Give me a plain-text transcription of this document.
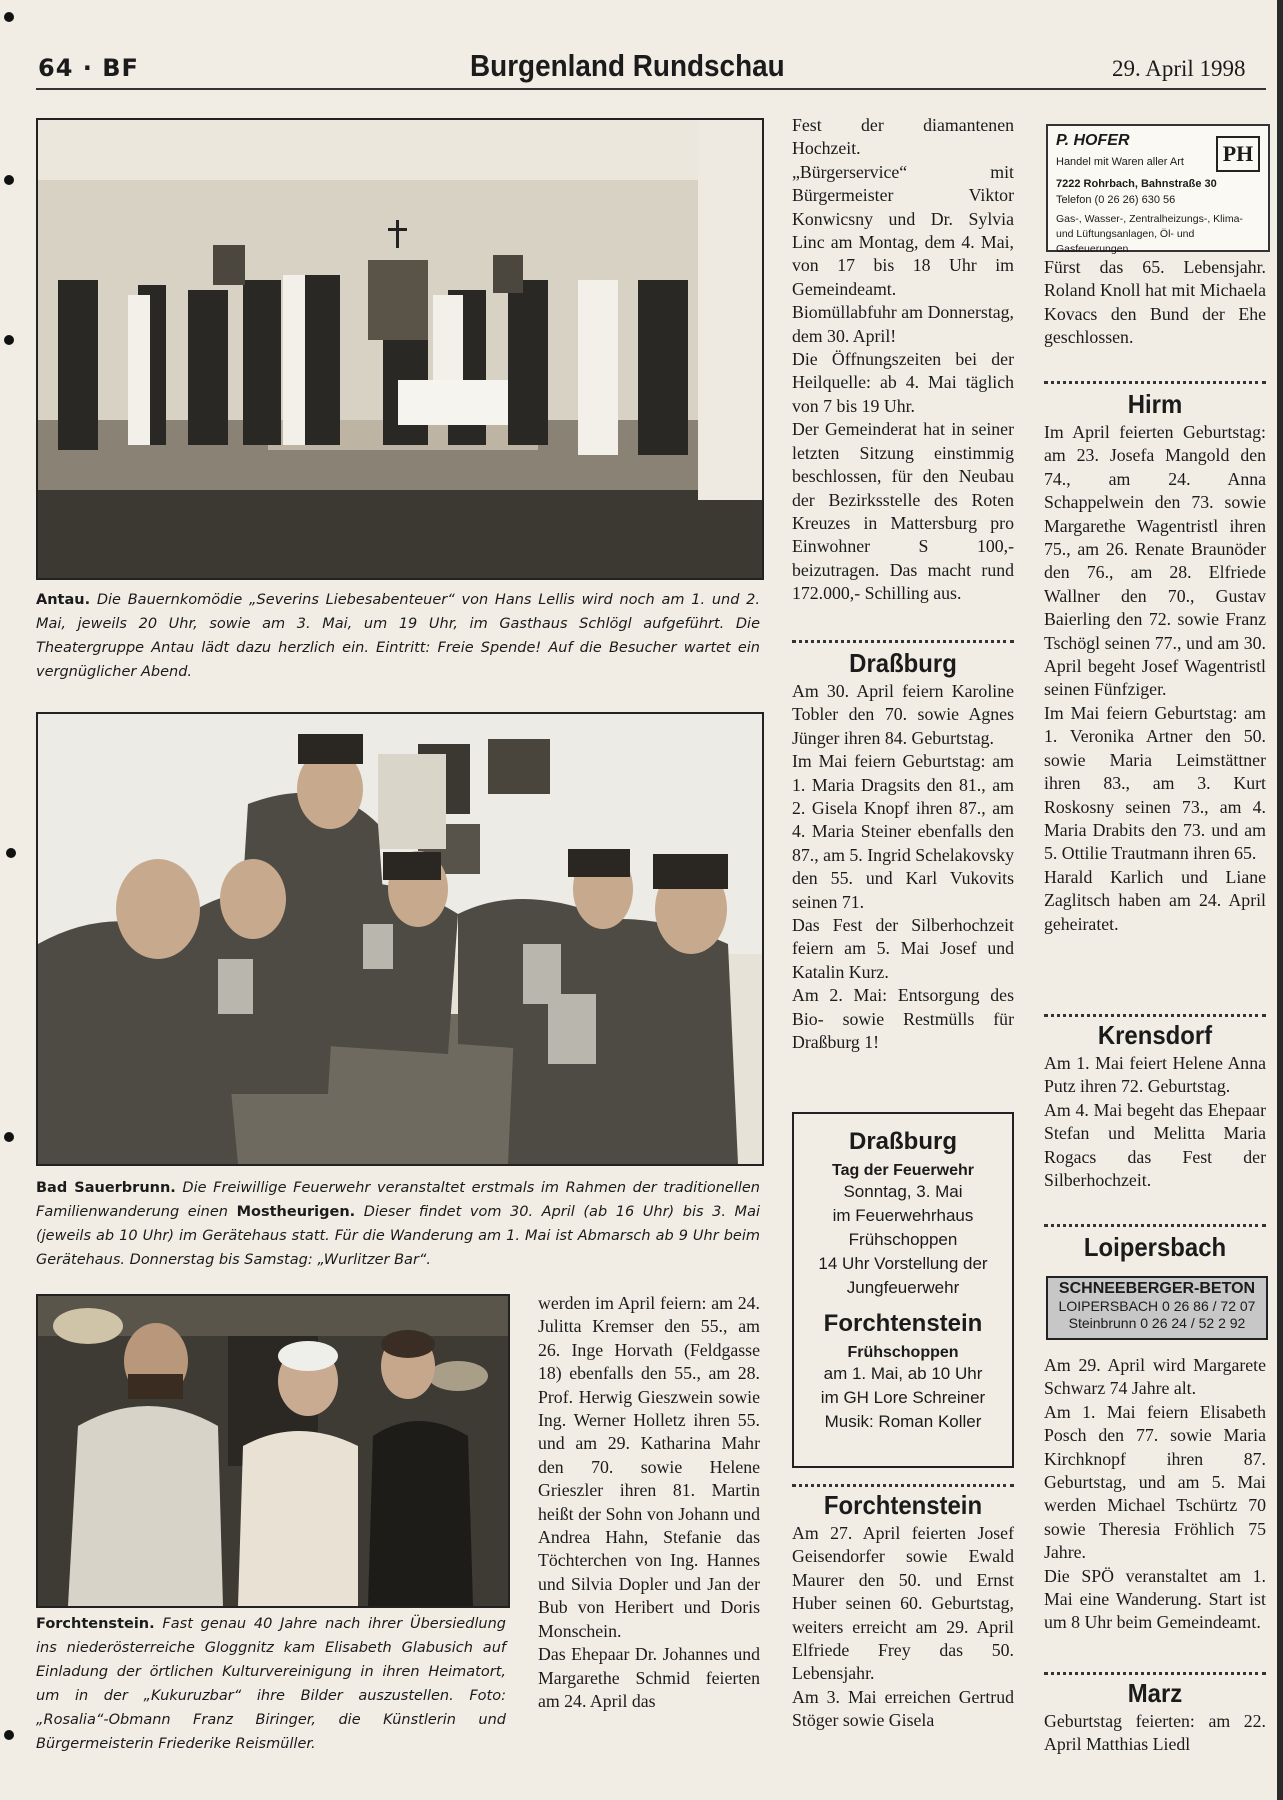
64 · BF	Burgenland Rundschau	29. April 1998
Antau. Die Bauernkomödie „Severins Liebesabenteuer“ von Hans Lellis wird noch am 1. und 2. Mai, jeweils 20 Uhr, sowie am 3. Mai, um 19 Uhr, im Gasthaus Schlögl aufgeführt. Die Theatergruppe Antau lädt dazu herzlich ein. Eintritt: Freie Spende! Auf die Besucher wartet ein vergnüglicher Abend.
Bad Sauerbrunn. Die Freiwillige Feuerwehr veranstaltet erstmals im Rahmen der traditionellen Familienwanderung einen Mostheurigen. Dieser findet vom 30. April (ab 16 Uhr) bis 3. Mai (jeweils ab 10 Uhr) im Gerätehaus statt. Für die Wanderung am 1. Mai ist Abmarsch ab 9 Uhr beim Gerätehaus. Donnerstag bis Samstag: „Wurlitzer Bar“.
Forchtenstein. Fast genau 40 Jahre nach ihrer Übersiedlung ins niederösterreiche Gloggnitz kam Elisabeth Glabusich auf Einladung der örtlichen Kulturvereinigung in ihren Heimatort, um in der „Kukuruzbar“ ihre Bilder auszustellen. Foto: „Rosalia“-Obmann Franz Biringer, die Künstlerin und Bürgermeisterin Friederike Reismüller.
werden im April feiern: am 24. Julitta Kremser den 55., am 26. Inge Horvath (Feldgasse 18) ebenfalls den 55., am 28. Prof. Herwig Gieszwein sowie Ing. Werner Holletz ihren 55. und am 29. Katharina Mahr den 70. sowie Helene Grieszler ihren 81. Martin heißt der Sohn von Johann und Andrea Hahn, Stefanie das Töchterchen von Ing. Hannes und Silvia Dopler und Jan der Bub von Heribert und Doris Monschein.
Das Ehepaar Dr. Johannes und Margarethe Schmid feierten am 24. April das
Fest der diamantenen Hochzeit.
„Bürgerservice“ mit Bürgermeister Viktor Konwicsny und Dr. Sylvia Linc am Montag, dem 4. Mai, von 17 bis 18 Uhr im Gemeindeamt.
Biomüllabfuhr am Donnerstag, dem 30. April!
Die Öffnungszeiten bei der Heilquelle: ab 4. Mai täglich von 7 bis 19 Uhr.
Der Gemeinderat hat in seiner letzten Sitzung einstimmig beschlossen, für den Neubau der Bezirksstelle des Roten Kreuzes in Mattersburg pro Einwohner S 100,- beizutragen. Das macht rund 172.000,- Schilling aus.
Draßburg
Am 30. April feiern Karoline Tobler den 70. sowie Agnes Jünger ihren 84. Geburtstag.
Im Mai feiern Geburtstag: am 1. Maria Dragsits den 81., am 2. Gisela Knopf ihren 87., am 4. Maria Steiner ebenfalls den 87., am 5. Ingrid Schelakovsky den 55. und Karl Vukovits seinen 71.
Das Fest der Silberhochzeit feiern am 5. Mai Josef und Katalin Kurz.
Am 2. Mai: Entsorgung des Bio- sowie Restmülls für Draßburg 1!
Draßburg
Tag der Feuerwehr
Sonntag, 3. Mai
im Feuerwehrhaus
Frühschoppen
14 Uhr Vorstellung der
Jungfeuerwehr
Forchtenstein
Frühschoppen
am 1. Mai, ab 10 Uhr
im GH Lore Schreiner
Musik: Roman Koller
Forchtenstein
Am 27. April feierten Josef Geisendorfer sowie Ewald Maurer den 50. und Ernst Huber seinen 60. Geburtstag, weiters erreicht am 29. April Elfriede Frey das 50. Lebensjahr.
Am 3. Mai erreichen Gertrud Stöger sowie Gisela
P. HOFER
PH
Handel mit Waren aller Art
7222 Rohrbach, Bahnstraße 30
Telefon (0 26 26) 630 56
Gas-, Wasser-, Zentralheizungs-, Klima- und Lüftungsanlagen, Öl- und Gasfeuerungen
Fürst das 65. Lebensjahr. Roland Knoll hat mit Michaela Kovacs den Bund der Ehe geschlossen.
Hirm
Im April feierten Geburtstag: am 23. Josefa Mangold den 74., am 24. Anna Schappelwein den 73. sowie Margarethe Wagentristl ihren 75., am 26. Renate Braunöder den 76., am 28. Elfriede Wallner den 70., Gustav Baierling den 72. sowie Franz Tschögl seinen 77., und am 30. April begeht Josef Wagentristl seinen Fünfziger.
Im Mai feiern Geburtstag: am 1. Veronika Artner den 50. sowie Maria Leimstättner ihren 83., am 3. Kurt Roskosny seinen 73., am 4. Maria Drabits den 73. und am 5. Ottilie Trautmann ihren 65.
Harald Karlich und Liane Zaglitsch haben am 24. April geheiratet.
Krensdorf
Am 1. Mai feiert Helene Anna Putz ihren 72. Geburtstag.
Am 4. Mai begeht das Ehepaar Stefan und Melitta Maria Rogacs das Fest der Silberhochzeit.
Loipersbach
SCHNEEBERGER-BETON
LOIPERSBACH 0 26 86 / 72 07
Steinbrunn 0 26 24 / 52 2 92
Am 29. April wird Margarete Schwarz 74 Jahre alt.
Am 1. Mai feiern Elisabeth Posch den 77. sowie Maria Kirchknopf ihren 87. Geburtstag, und am 5. Mai werden Michael Tschürtz 70 sowie Theresia Fröhlich 75 Jahre.
Die SPÖ veranstaltet am 1. Mai eine Wanderung. Start ist um 8 Uhr beim Gemeindeamt.
Marz
Geburtstag feierten: am 22. April Matthias Liedl
